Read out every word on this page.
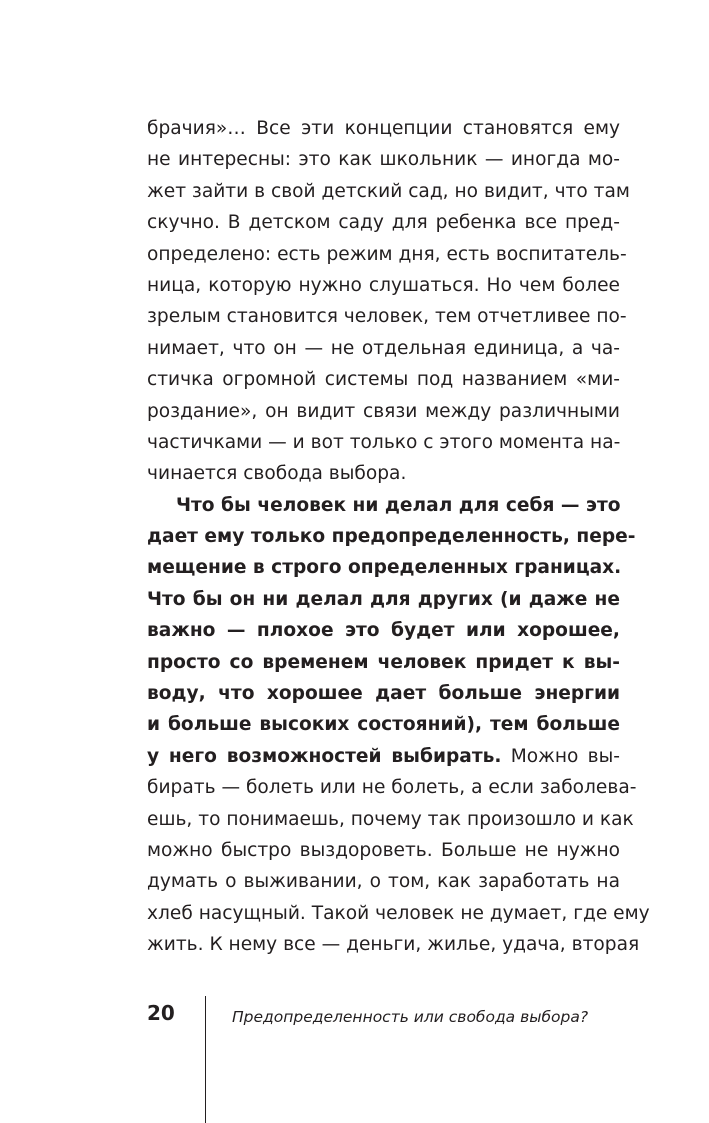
брачия»… Все эти концепции становятся ему
не интересны: это как школьник — иногда мо-
жет зайти в свой детский сад, но видит, что там
скучно. В детском саду для ребенка все пред-
определено: есть режим дня, есть воспитатель-
ница, которую нужно слушаться. Но чем более
зрелым становится человек, тем отчетливее по-
нимает, что он — не отдельная единица, а ча-
стичка огромной системы под названием «ми-
роздание», он видит связи между различными
частичками — и вот только с этого момента на-
чинается свобода выбора.
Что бы человек ни делал для себя — это
дает ему только предопределенность, пере-
мещение в строго определенных границах.
Что бы он ни делал для других (и даже не
важно — плохое это будет или хорошее,
просто со временем человек придет к вы-
воду, что хорошее дает больше энергии
и больше высоких состояний), тем больше
у него возможностей выбирать. Можно вы-
бирать — болеть или не болеть, а если заболева-
ешь, то понимаешь, почему так произошло и как
можно быстро выздороветь. Больше не нужно
думать о выживании, о том, как заработать на
хлеб насущный. Такой человек не думает, где ему
жить. К нему все — деньги, жилье, удача, вторая
20	Предопределенность или свобода выбора?
